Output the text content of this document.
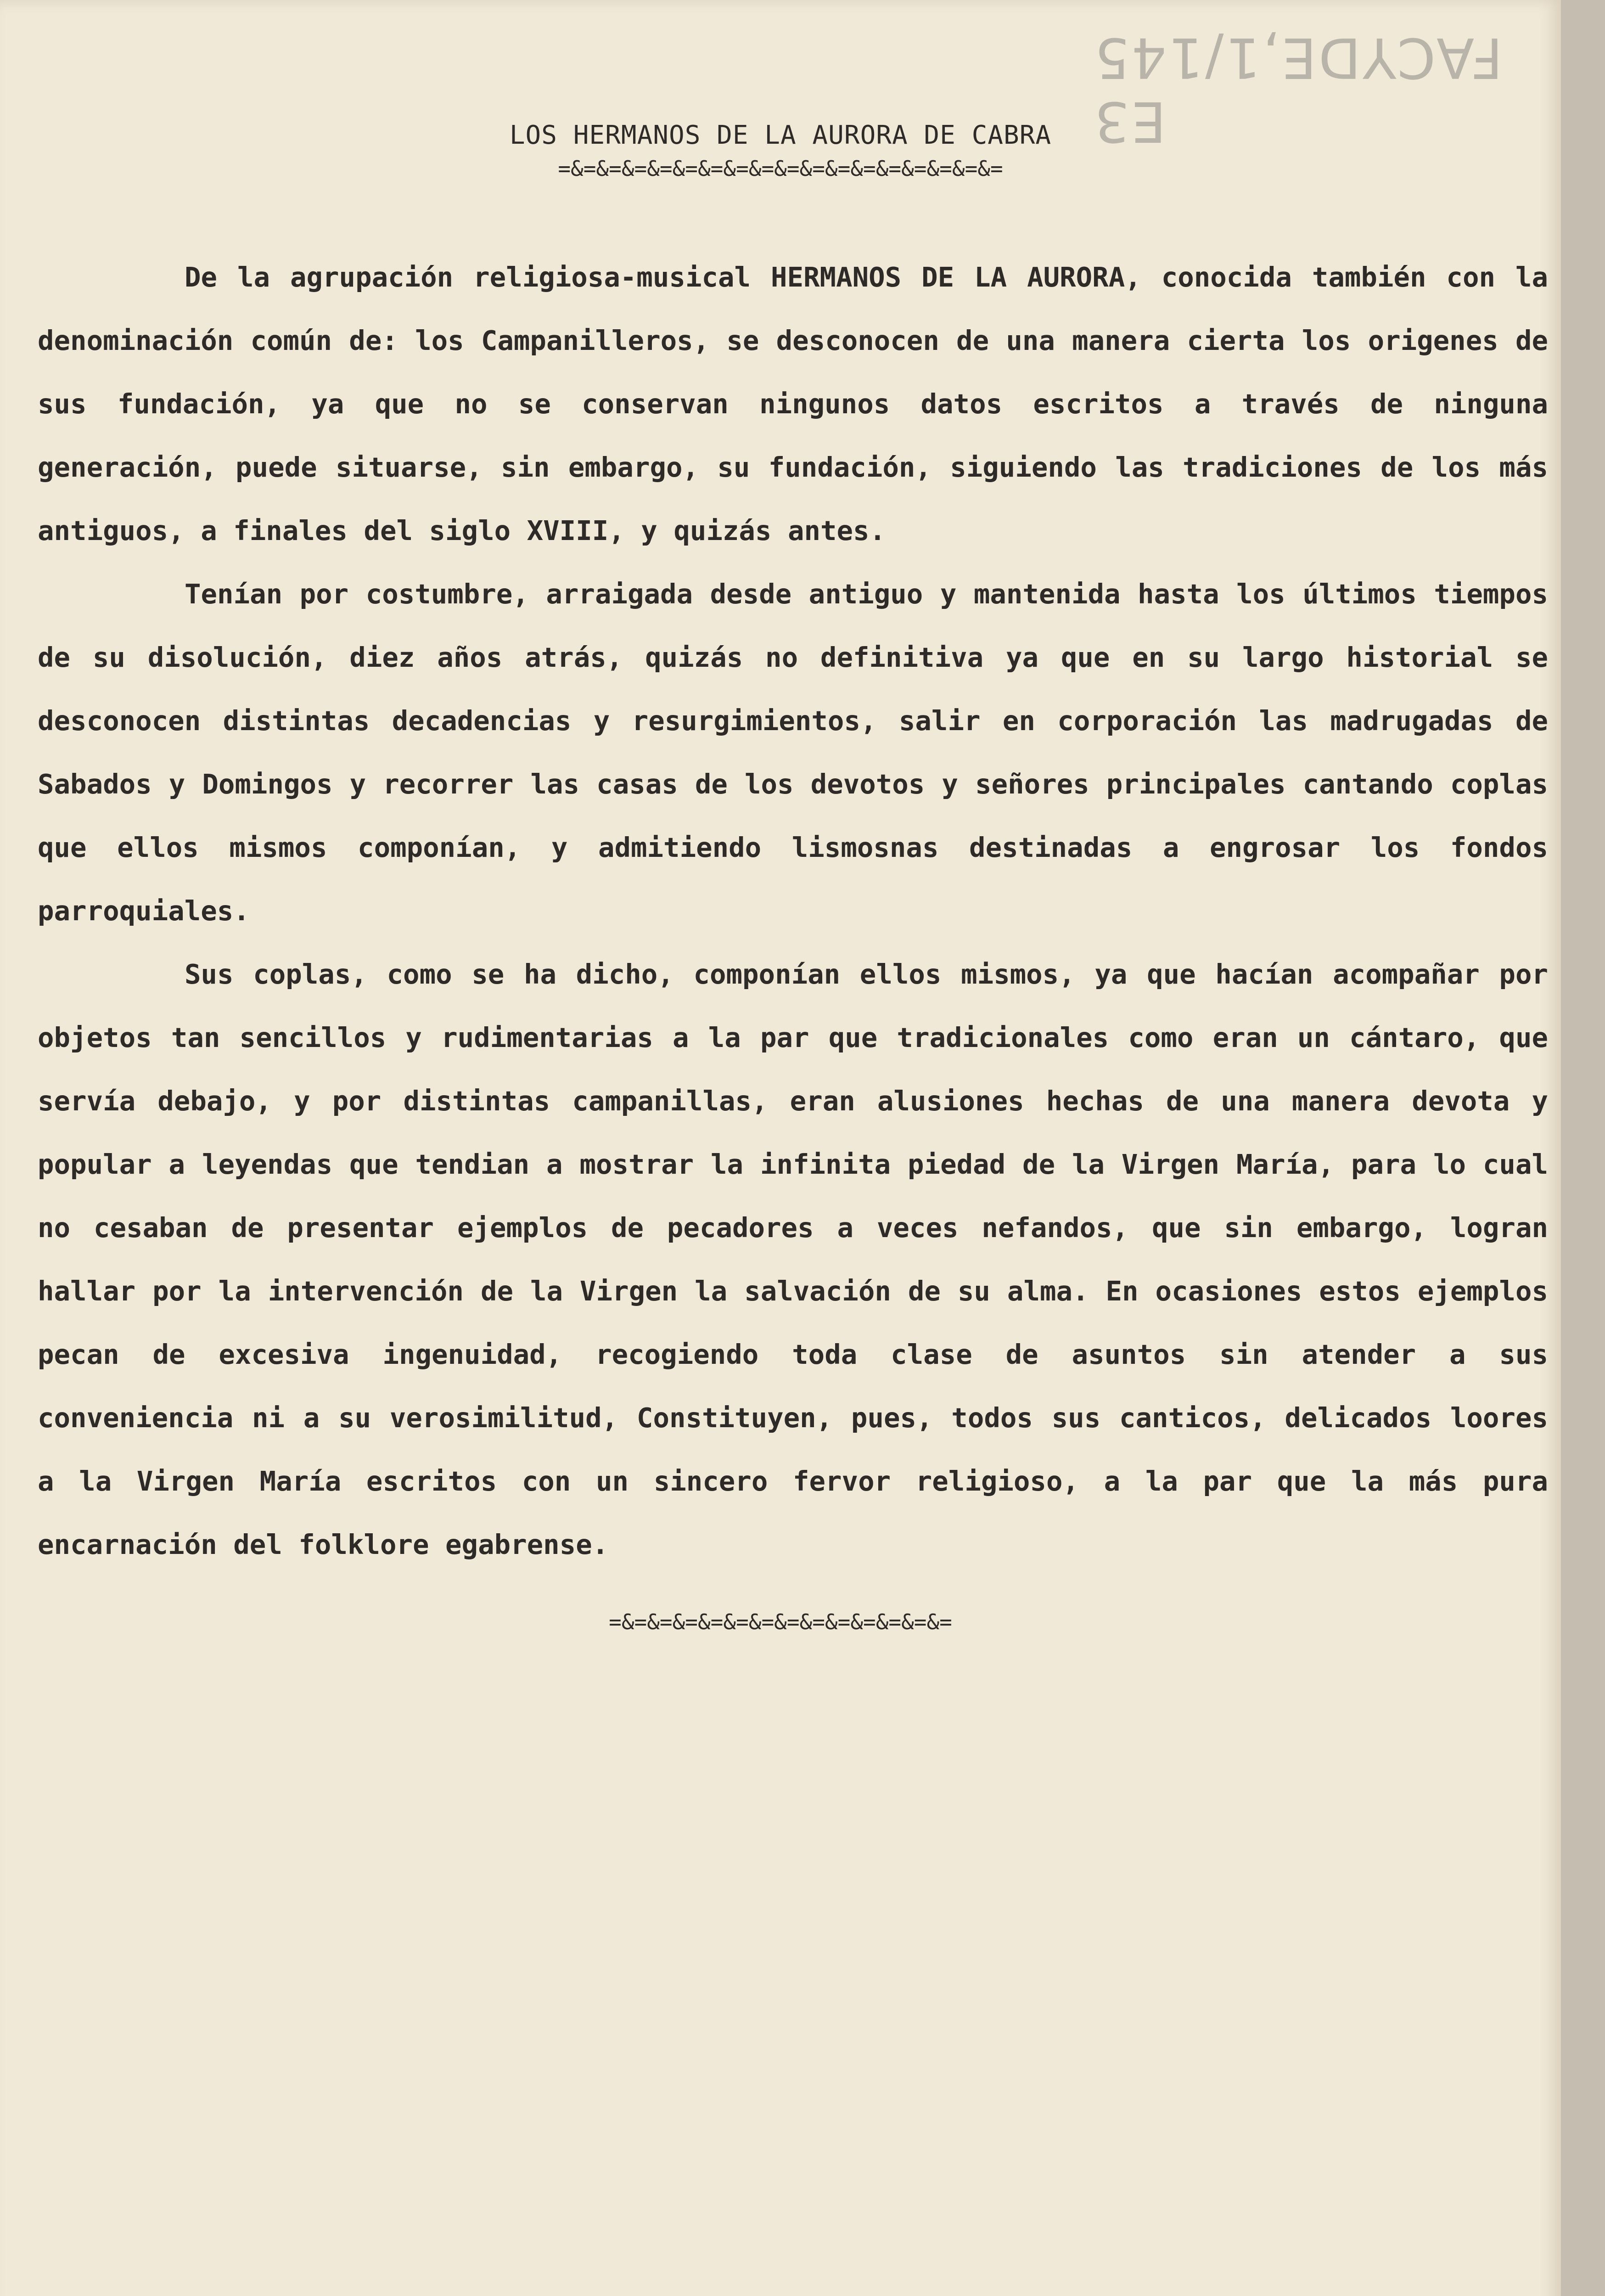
E3 FACYDE,1/145
LOS HERMANOS DE LA AURORA DE CABRA
=&=&=&=&=&=&=&=&=&=&=&=&=&=&=&=&=&=

De la agrupación religiosa-musical HERMANOS DE LA AURORA, conocida también con la denominación común de: los Campanilleros, se desconocen de una manera cierta los origenes de sus fundación, ya que no se conservan ningunos datos escritos a través de ninguna generación, puede situarse, sin embargo, su fundación, siguiendo las tradiciones de los más antiguos, a finales del siglo XVIII, y quizás antes.

Tenían por costumbre, arraigada desde antiguo y mantenida hasta los últimos tiempos de su disolución, diez años atrás, quizás no definitiva ya que en su largo historial se desconocen distintas decadencias y resurgimientos, salir en corporación las madrugadas de Sabados y Domingos y recorrer las casas de los devotos y señores principales cantando coplas que ellos mismos componían, y admitiendo lismosnas destinadas a engrosar los fondos parroquiales.

Sus coplas, como se ha dicho, componían ellos mismos, ya que hacían acompañar por objetos tan sencillos y rudimentarias a la par que tradicionales como eran un cántaro, que servía debajo, y por distintas campanillas, eran alusiones hechas de una manera devota y popular a leyendas que tendian a mostrar la infinita piedad de la Virgen María, para lo cual no cesaban de presentar ejemplos de pecadores a veces nefandos, que sin embargo, logran hallar por la intervención de la Virgen la salvación de su alma. En ocasiones estos ejemplos pecan de excesiva ingenuidad, recogiendo toda clase de asuntos sin atender a sus conveniencia ni a su verosimilitud, Constituyen, pues, todos sus canticos, delicados loores a la Virgen María escritos con un sincero fervor religioso, a la par que la más pura encarnación del folklore egabrense.

=&=&=&=&=&=&=&=&=&=&=&=&=&=
